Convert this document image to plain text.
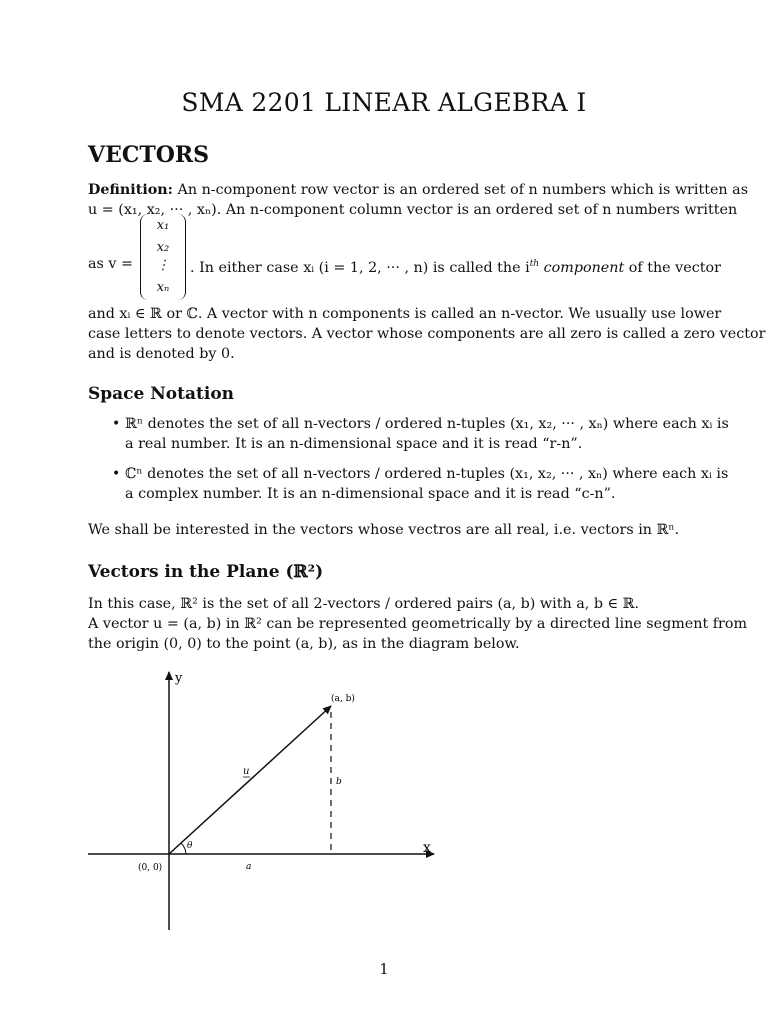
SMA 2201 LINEAR ALGEBRA I
VECTORS
Definition: An n-component row vector is an ordered set of n numbers which is written as
u = (x₁, x₂, ··· , xₙ). An n-component column vector is an ordered set of n numbers written
as v =
x₁
x₂
⋮
xₙ
. In either case xᵢ (i = 1, 2, ··· , n) is called the $i^{th}$ component of the vector
and xᵢ ∈ ℝ or ℂ. A vector with n components is called an n-vector. We usually use lower
case letters to denote vectors. A vector whose components are all zero is called a zero vector
and is denoted by 0.
Space Notation
• ℝⁿ denotes the set of all n-vectors / ordered n-tuples (x₁, x₂, ··· , xₙ) where each xᵢ is
a real number. It is an n-dimensional space and it is read “r-n”.
• ℂⁿ denotes the set of all n-vectors / ordered n-tuples (x₁, x₂, ··· , xₙ) where each xᵢ is
a complex number. It is an n-dimensional space and it is read “c-n”.
We shall be interested in the vectors whose vectros are all real, i.e. vectors in ℝⁿ.
Vectors in the Plane (ℝ²)
In this case, ℝ² is the set of all 2-vectors / ordered pairs (a, b) with a, b ∈ ℝ.
A vector u = (a, b) in ℝ² can be represented geometrically by a directed line segment from
the origin (0, 0) to the point (a, b), as in the diagram below.
y
x
(a, b)
(0, 0)
u
b
a
θ
1
